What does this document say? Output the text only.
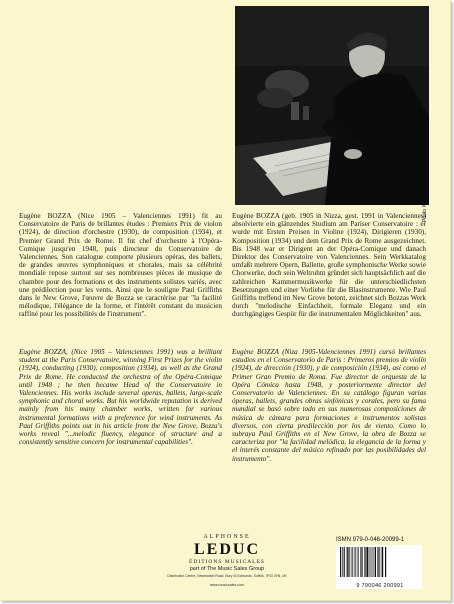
Photo X

Eugène BOZZA (Nice 1905 – Valenciennes 1991) fit au Conservatoire de Paris de brillantes études : Premiers Prix de violon (1924), de direction d'orchestre (1930), de composition (1934), et Premier Grand Prix de Rome. Il fut chef d'orchestre à l'Opéra-Comique jusqu'en 1948, puis directeur du Conservatoire de Valenciennes. Son catalogue comporte plusieurs opéras, des ballets, de grandes œuvres symphoniques et chorales, mais sa célébrité mondiale repose surtout sur ses nombreuses pièces de musique de chambre pour des formations et des instruments solistes variés, avec une prédilection pour les vents. Ainsi que le souligne Paul Griffiths dans le New Grove, l'œuvre de Bozza se caractérise par "la facilité mélodique, l'élégance de la forme, et l'intérêt constant du musicien raffiné pour les possibilités de l'instrument".

Eugène BOZZA, (Nice 1905 – Valenciennes 1991) was a brilliant student at the Paris Conservatoire, winning First Prizes for the violin (1924), conducting (1930), composition (1934), as well as the Grand Prix de Rome. He conducted the orchestra of the Opéra-Comique until 1948 ; he then became Head of the Conservatoire in Valenciennes. His works include several operas, ballets, large-scale symphonic and choral works. But his worldwide reputation is derived mainly from his many chamber works, written for various instrumental formations with a preference for wind instruments. As Paul Griffiths points out in his article from the New Grove, Bozza's works reveal "...melodic fluency, elegance of structure and a consistently sensitive concern for instrumental capabilities".

Eugène BOZZA (geb. 1905 in Nizza, gest. 1991 in Valenciennes) absolvierte ein glänzendes Studium am Pariser Conservatoire : er wurde mit Ersten Preisen in Violine (1924), Dirigieren (1930), Komposition (1934) und dem Grand Prix de Rome ausgezeichnet. Bis 1948 war er Dirigent an der Opéra-Comique und danach Direktor des Conservatoire von Valenciennes. Sein Werkkatalog umfaßt mehrere Opern, Ballette, große symphonische Werke sowie Chorwerke, doch sein Weltruhm gründet sich hauptsächlich auf die zahlreichen Kammermusikwerke für die unterschiedlichsten Besetzungen und einer Vorliebe für die Blasinstrumente. Wie Paul Griffiths treffend im New Grove betont, zeichnet sich Bozzas Werk durch "melodische Einfachheit, formale Eleganz und ein durchgängiges Gespür für die instrumentalen Möglichkeiten" aus.

Eugène BOZZA (Niza 1905-Valenciennes 1991) cursó brillantes estudios en el Conservatorio de Paris : Primeros premios de violín (1924), de dirección (1930), y de composición (1934), así como el Primer Gran Premio de Roma. Fue director de orquesta de la Opéra Cómica hasta 1948, y posteriormente director del Conservatorio de Valenciennes. En su catálogo figuran varias óperas, ballets, grandes obras sinfónicas y corales, pero su fama mundial se basó sobre todo en sus numerosas composiciones de música de cámara para formaciones e instrumentos solistas diversos, con cierta predilección por los de viento. Como lo subraya Paul Griffiths en el New Grove, la obra de Bozza se caracteriza por "la facilidad melódica, la elegancia de la forma y el interés constante del músico refinado por las posibilidades del instrumento".

ALPHONSE
LEDUC
ÉDITIONS MUSICALES
part of The Music Sales Group
Distribution Centre, Newmarket Road, Bury St Edmunds, Suffolk, IP33 3YB, UK
www.musicsales.com
ISMN 979-0-046-20099-1
9 790046 200991
